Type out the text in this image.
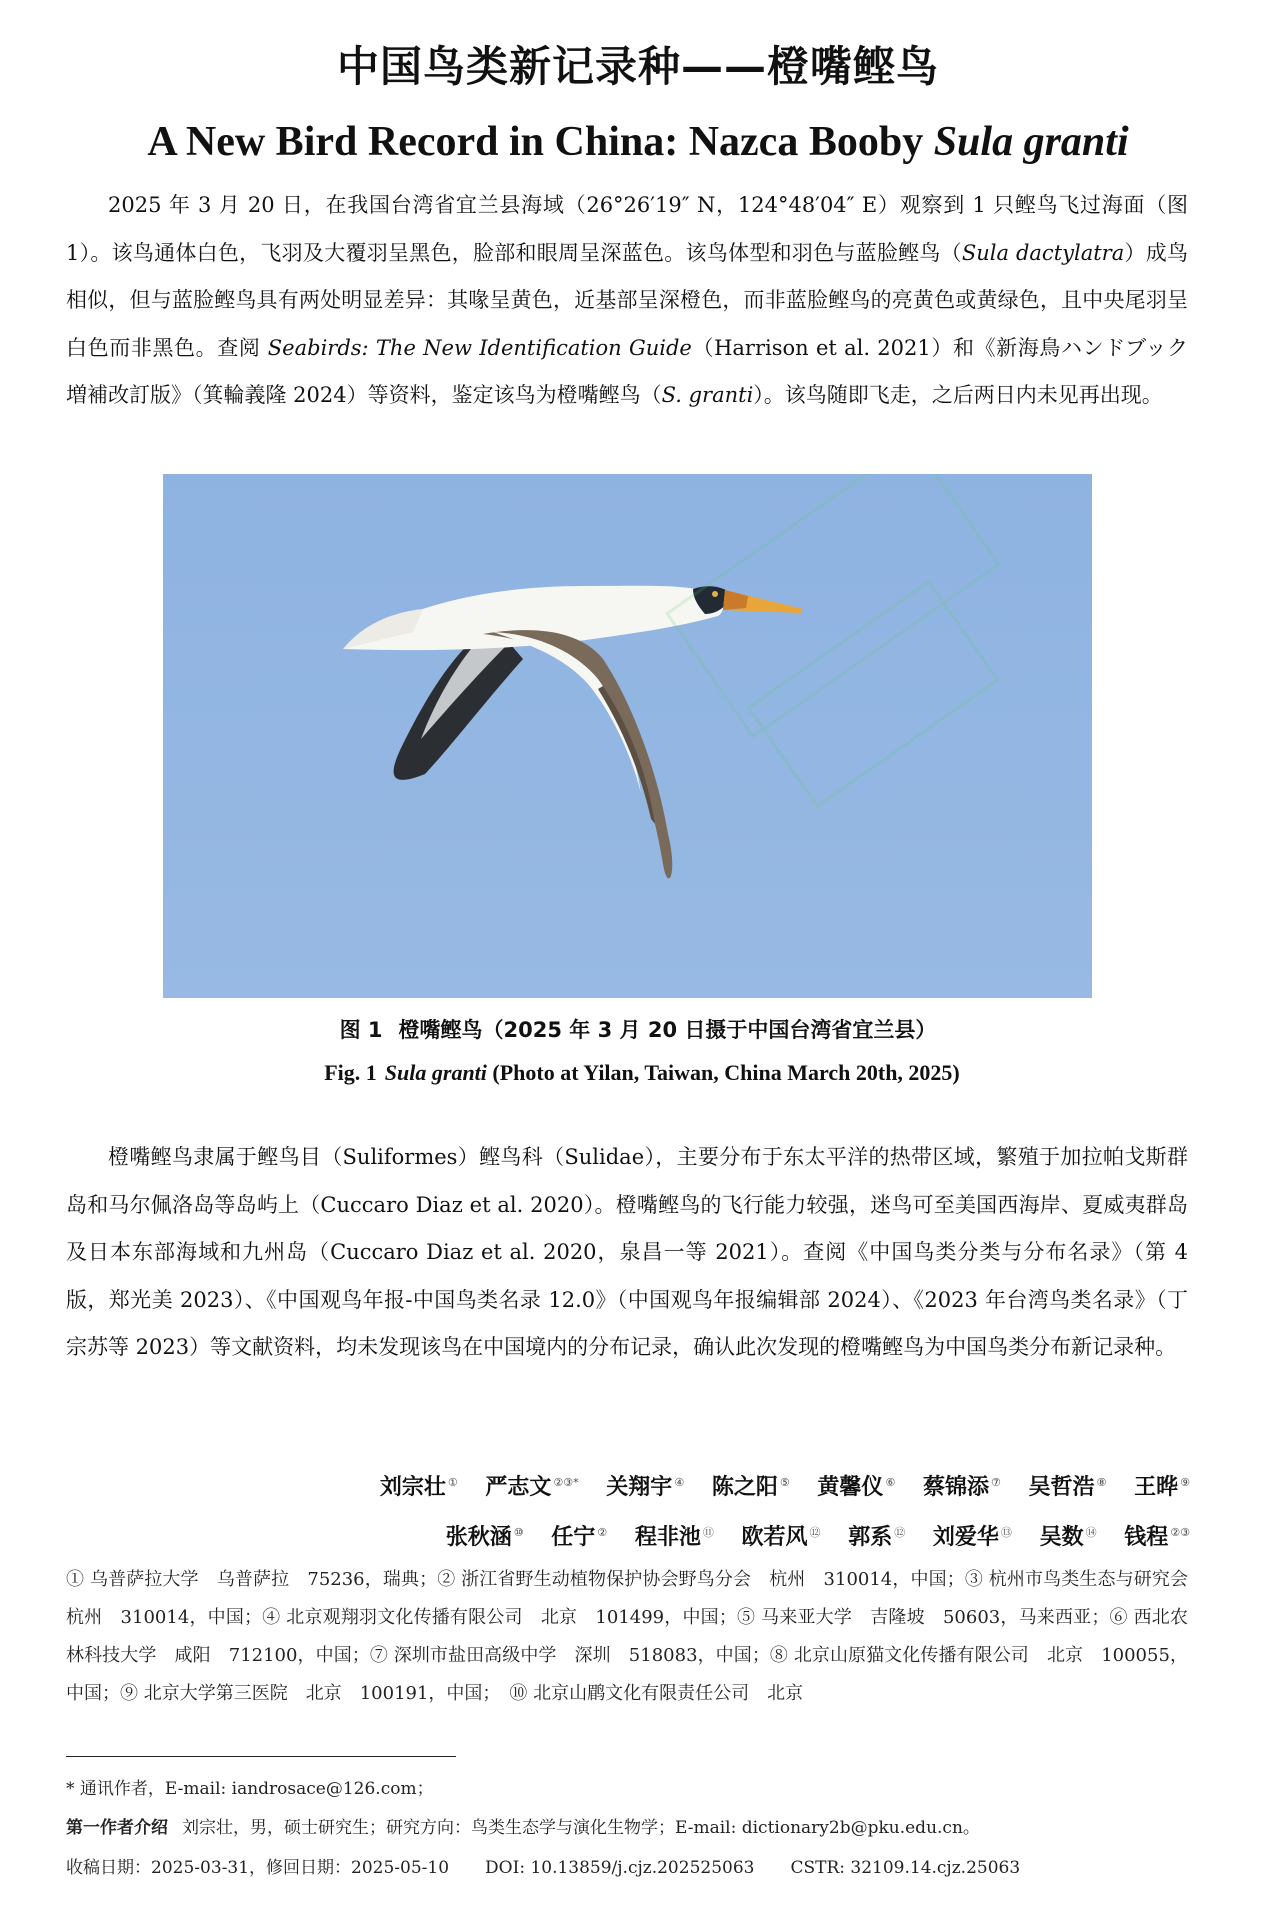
中国鸟类新记录种——橙嘴鲣鸟
A New Bird Record in China: Nazca Booby Sula granti

2025 年 3 月 20 日，在我国台湾省宜兰县海域（26°26′19″ N，124°48′04″ E）观察到 1 只鲣鸟飞过海面（图 1）。该鸟通体白色，飞羽及大覆羽呈黑色，脸部和眼周呈深蓝色。该鸟体型和羽色与蓝脸鲣鸟（Sula dactylatra）成鸟相似，但与蓝脸鲣鸟具有两处明显差异：其喙呈黄色，近基部呈深橙色，而非蓝脸鲣鸟的亮黄色或黄绿色，且中央尾羽呈白色而非黑色。查阅 Seabirds: The New Identification Guide（Harrison et al. 2021）和《新海鳥ハンドブック増補改訂版》（箕輪義隆 2024）等资料，鉴定该鸟为橙嘴鲣鸟（S. granti）。该鸟随即飞走，之后两日内未见再出现。

图 1 橙嘴鲣鸟（2025 年 3 月 20 日摄于中国台湾省宜兰县）
Fig. 1 Sula granti (Photo at Yilan, Taiwan, China March 20th, 2025)

橙嘴鲣鸟隶属于鲣鸟目（Suliformes）鲣鸟科（Sulidae），主要分布于东太平洋的热带区域，繁殖于加拉帕戈斯群岛和马尔佩洛岛等岛屿上（Cuccaro Diaz et al. 2020）。橙嘴鲣鸟的飞行能力较强，迷鸟可至美国西海岸、夏威夷群岛及日本东部海域和九州岛（Cuccaro Diaz et al. 2020，泉昌一等 2021）。查阅《中国鸟类分类与分布名录》（第 4 版，郑光美 2023）、《中国观鸟年报-中国鸟类名录 12.0》（中国观鸟年报编辑部 2024）、《2023 年台湾鸟类名录》（丁宗苏等 2023）等文献资料，均未发现该鸟在中国境内的分布记录，确认此次发现的橙嘴鲣鸟为中国鸟类分布新记录种。

刘宗壮 ① 严志文 ②③* 关翔宇 ④ 陈之阳 ⑤ 黄馨仪 ⑥ 蔡锦添 ⑦ 吴哲浩 ⑧ 王晔 ⑨
张秋涵 ⑩ 任宁 ② 程非池 ⑪ 欧若风 ⑫ 郭系 ⑫ 刘爱华 ⑬ 吴数 ⑭ 钱程 ②③
① 乌普萨拉大学　乌普萨拉　75236，瑞典；② 浙江省野生动植物保护协会野鸟分会　杭州　310014，中国；③ 杭州市鸟类生态与研究会　杭州　310014，中国；④ 北京观翔羽文化传播有限公司　北京　101499，中国；⑤ 马来亚大学　吉隆坡　50603，马来西亚；⑥ 西北农林科技大学　咸阳　712100，中国；⑦ 深圳市盐田高级中学　深圳　518083，中国；⑧ 北京山原猫文化传播有限公司　北京　100055，中国；⑨ 北京大学第三医院　北京　100191，中国；　⑩ 北京山鹛文化有限责任公司　北京
* 通讯作者，E-mail: iandrosace@126.com；
第一作者介绍 刘宗壮，男，硕士研究生；研究方向：鸟类生态学与演化生物学；E-mail: dictionary2b@pku.edu.cn。
收稿日期：2025-03-31，修回日期：2025-05-10 DOI: 10.13859/j.cjz.202525063 CSTR: 32109.14.cjz.25063
